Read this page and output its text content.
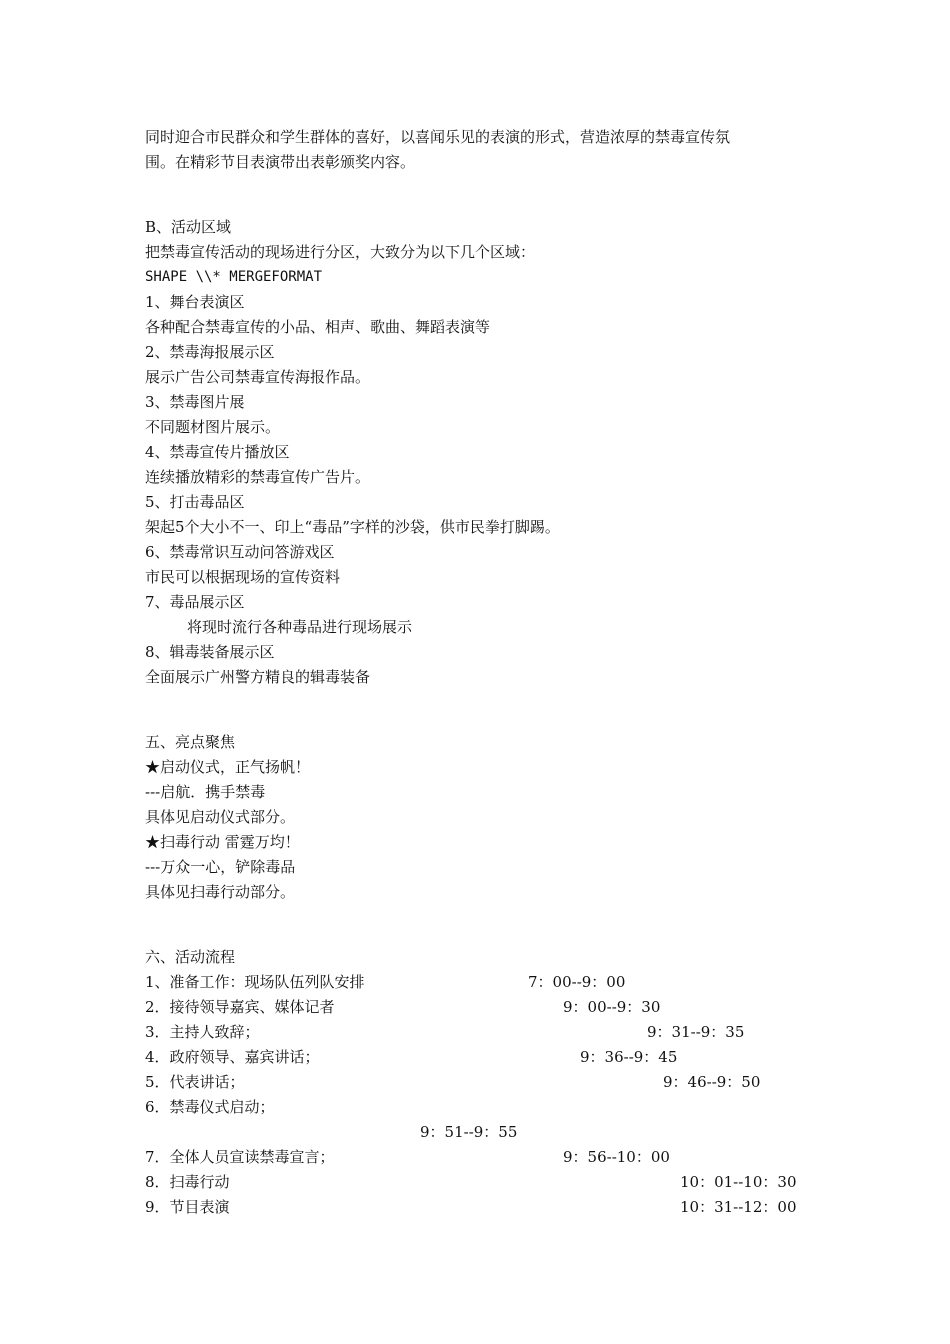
同时迎合市民群众和学生群体的喜好，以喜闻乐见的表演的形式，营造浓厚的禁毒宣传氛
围。在精彩节目表演带出表彰颁奖内容。
B、活动区域
把禁毒宣传活动的现场进行分区，大致分为以下几个区域：
SHAPE \\* MERGEFORMAT
1、舞台表演区
各种配合禁毒宣传的小品、相声、歌曲、舞蹈表演等
2、禁毒海报展示区
展示广告公司禁毒宣传海报作品。
3、禁毒图片展
不同题材图片展示。
4、禁毒宣传片播放区
连续播放精彩的禁毒宣传广告片。
5、打击毒品区
架起5个大小不一、印上“毒品”字样的沙袋，供市民拳打脚踢。
6、禁毒常识互动问答游戏区
市民可以根据现场的宣传资料
7、毒品展示区
将现时流行各种毒品进行现场展示
8、辑毒装备展示区
全面展示广州警方精良的辑毒装备
五、亮点聚焦
★启动仪式，正气扬帆！
---启航．携手禁毒
具体见启动仪式部分。
★扫毒行动 雷霆万均！
---万众一心，铲除毒品
具体见扫毒行动部分。
六、活动流程
1、准备工作：现场队伍列队安排	7：00--9：00
2．接待领导嘉宾、媒体记者	9：00--9：30
3．主持人致辞；	9：31--9：35
4．政府领导、嘉宾讲话；	9：36--9：45
5．代表讲话；	9：46--9：50
6．禁毒仪式启动；
9：51--9：55
7．全体人员宣读禁毒宣言；	9：56--10：00
8．扫毒行动	10：01--10：30
9．节目表演	10：31--12：00
